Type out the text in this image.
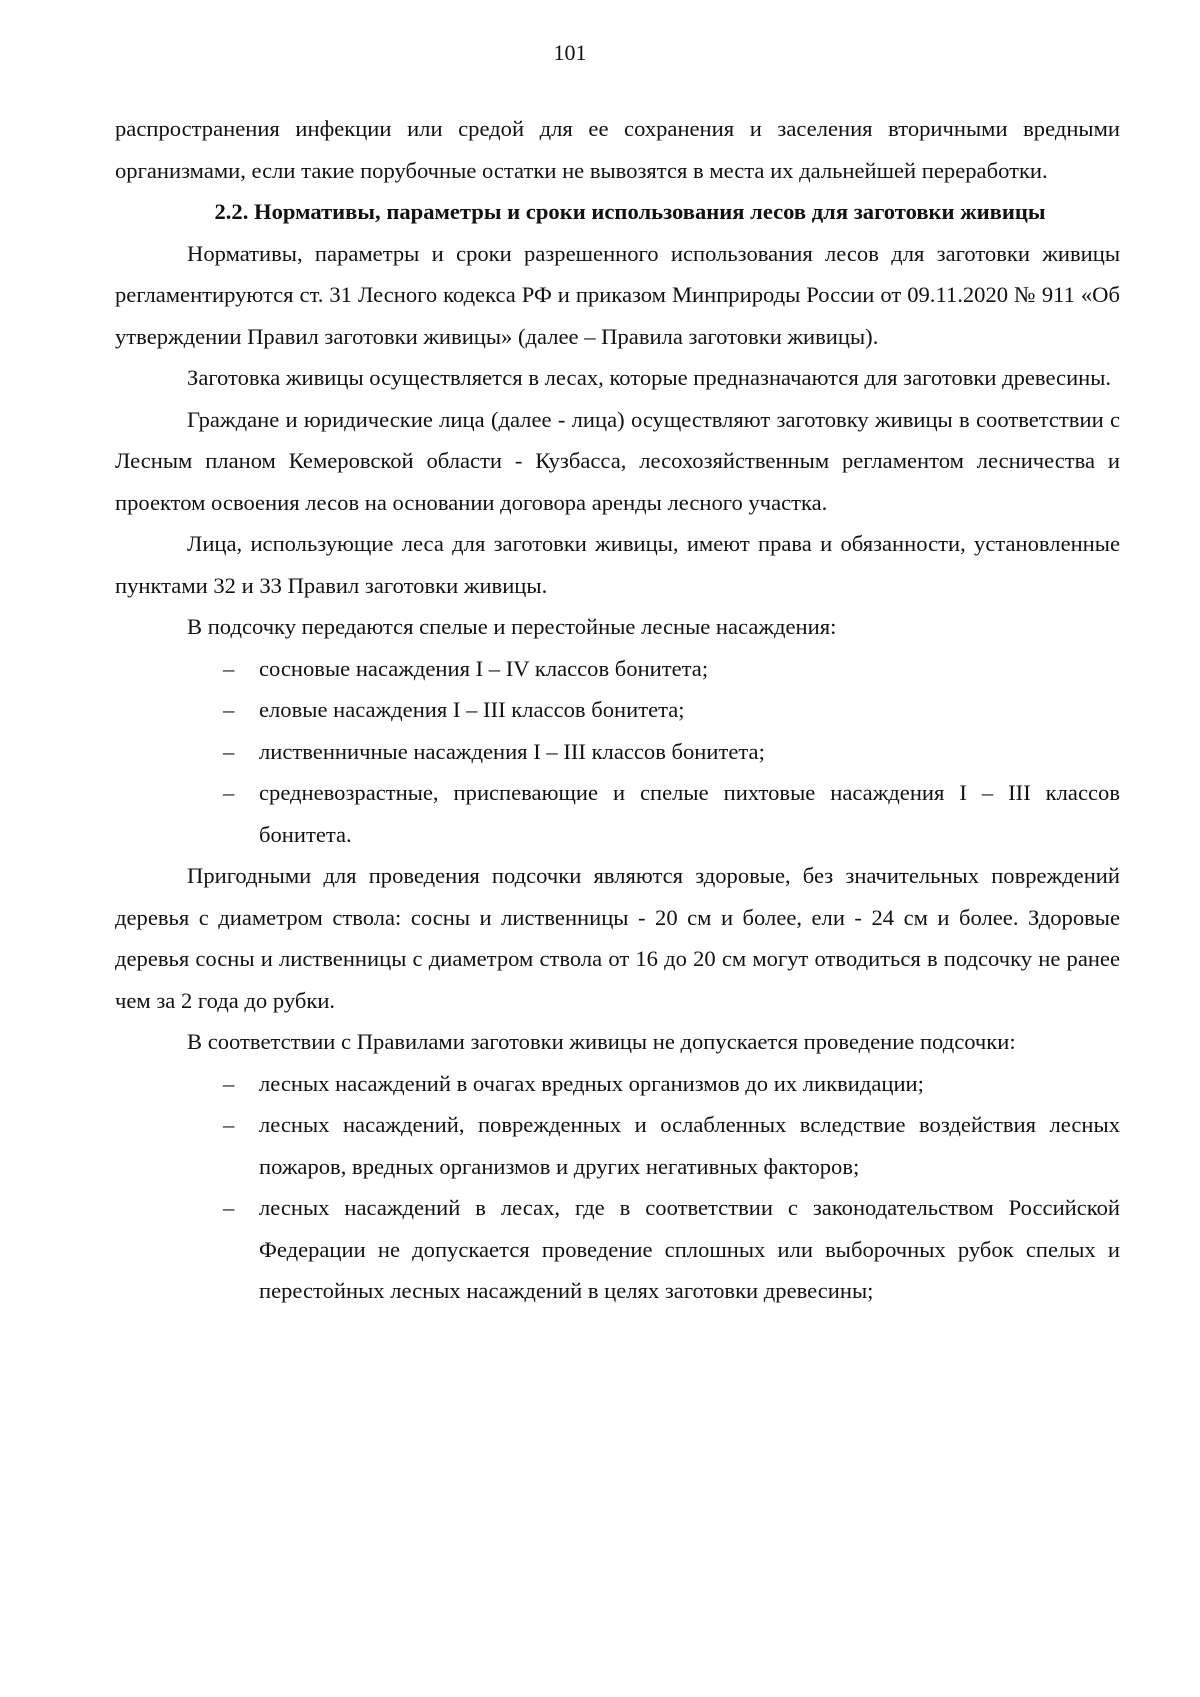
101

распространения инфекции или средой для ее сохранения и заселения вторичными вредными организмами, если такие порубочные остатки не вывозятся в места их дальнейшей переработки.

2.2. Нормативы, параметры и сроки использования лесов для заготовки живицы

Нормативы, параметры и сроки разрешенного использования лесов для заготовки живицы регламентируются ст. 31 Лесного кодекса РФ и приказом Минприроды России от 09.11.2020 № 911 «Об утверждении Правил заготовки живицы» (далее – Правила заготовки живицы).

Заготовка живицы осуществляется в лесах, которые предназначаются для заготовки древесины.

Граждане и юридические лица (далее - лица) осуществляют заготовку живицы в соответствии с Лесным планом Кемеровской области - Кузбасса, лесохозяйственным регламентом лесничества и проектом освоения лесов на основании договора аренды лесного участка.

Лица, использующие леса для заготовки живицы, имеют права и обязанности, установленные пунктами 32 и 33 Правил заготовки живицы.

В подсочку передаются спелые и перестойные лесные насаждения:

– сосновые насаждения I – IV классов бонитета;
– еловые насаждения I – III классов бонитета;
– лиственничные насаждения I – III классов бонитета;
– средневозрастные, приспевающие и спелые пихтовые насаждения I – III классов бонитета.

Пригодными для проведения подсочки являются здоровые, без значительных повреждений деревья с диаметром ствола: сосны и лиственницы - 20 см и более, ели - 24 см и более. Здоровые деревья сосны и лиственницы с диаметром ствола от 16 до 20 см могут отводиться в подсочку не ранее чем за 2 года до рубки.

В соответствии с Правилами заготовки живицы не допускается проведение подсочки:

– лесных насаждений в очагах вредных организмов до их ликвидации;
– лесных насаждений, поврежденных и ослабленных вследствие воздействия лесных пожаров, вредных организмов и других негативных факторов;
– лесных насаждений в лесах, где в соответствии с законодательством Российской Федерации не допускается проведение сплошных или выборочных рубок спелых и перестойных лесных насаждений в целях заготовки древесины;
